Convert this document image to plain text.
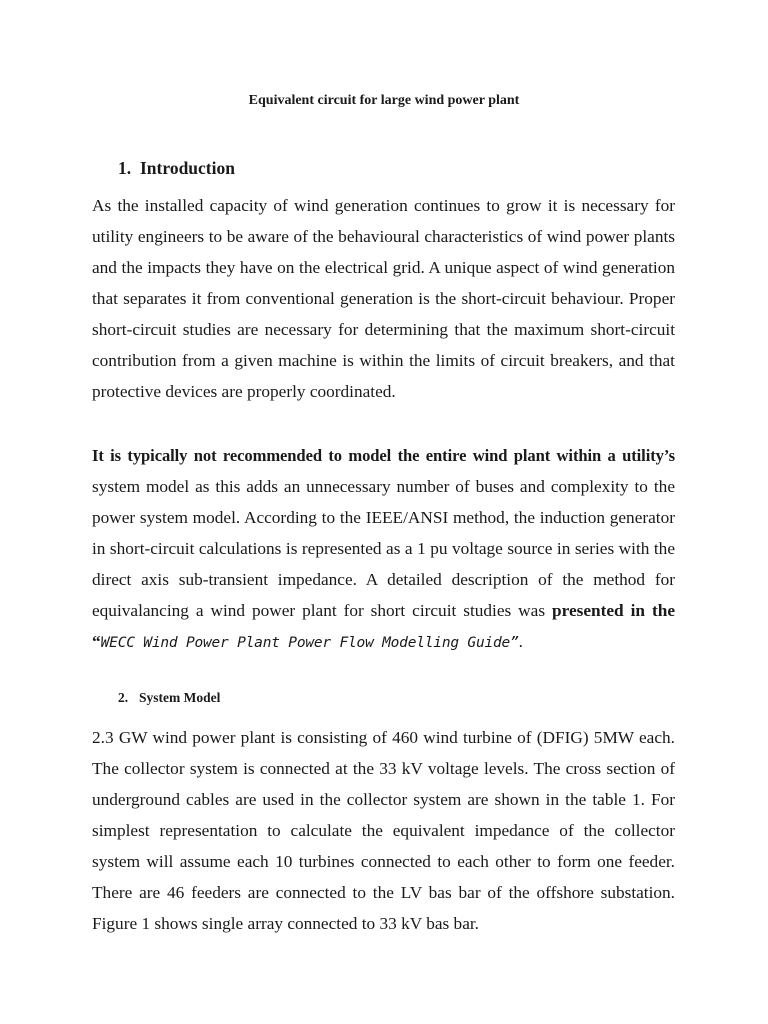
Equivalent circuit for large wind power plant
1. Introduction

As the installed capacity of wind generation continues to grow it is necessary for utility engineers to be aware of the behavioural characteristics of wind power plants and the impacts they have on the electrical grid. A unique aspect of wind generation that separates it from conventional generation is the short-circuit behaviour. Proper short-circuit studies are necessary for determining that the maximum short-circuit contribution from a given machine is within the limits of circuit breakers, and that protective devices are properly coordinated.

It is typically not recommended to model the entire wind plant within a utility’s system model as this adds an unnecessary number of buses and complexity to the power system model. According to the IEEE/ANSI method, the induction generator in short-circuit calculations is represented as a 1 pu voltage source in series with the direct axis sub-transient impedance. A detailed description of the method for equivalancing a wind power plant for short circuit studies was presented in the “WECC Wind Power Plant Power Flow Modelling Guide”.

2. System Model

2.3 GW wind power plant is consisting of 460 wind turbine of (DFIG) 5MW each. The collector system is connected at the 33 kV voltage levels. The cross section of underground cables are used in the collector system are shown in the table 1. For simplest representation to calculate the equivalent impedance of the collector system will assume each 10 turbines connected to each other to form one feeder. There are 46 feeders are connected to the LV bas bar of the offshore substation. Figure 1 shows single array connected to 33 kV bas bar.
